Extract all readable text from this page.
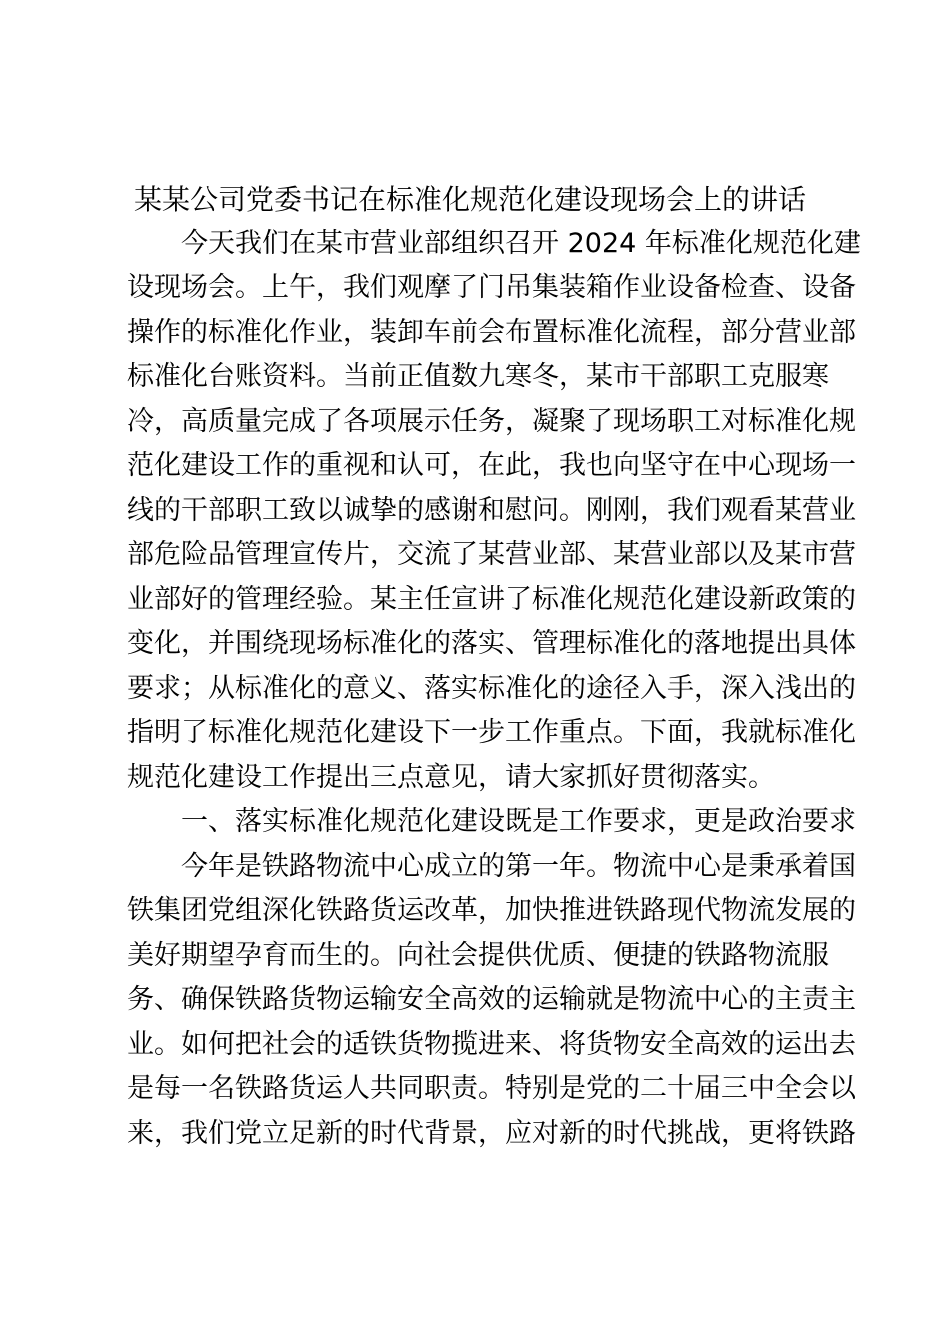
某某公司党委书记在标准化规范化建设现场会上的讲话
今天我们在某市营业部组织召开 2024 年标准化规范化建
设现场会。上午，我们观摩了门吊集装箱作业设备检查、设备
操作的标准化作业，装卸车前会布置标准化流程，部分营业部
标准化台账资料。当前正值数九寒冬，某市干部职工克服寒
冷，高质量完成了各项展示任务，凝聚了现场职工对标准化规
范化建设工作的重视和认可，在此，我也向坚守在中心现场一
线的干部职工致以诚挚的感谢和慰问。刚刚，我们观看某营业
部危险品管理宣传片，交流了某营业部、某营业部以及某市营
业部好的管理经验。某主任宣讲了标准化规范化建设新政策的
变化，并围绕现场标准化的落实、管理标准化的落地提出具体
要求；从标准化的意义、落实标准化的途径入手，深入浅出的
指明了标准化规范化建设下一步工作重点。下面，我就标准化
规范化建设工作提出三点意见，请大家抓好贯彻落实。
一、落实标准化规范化建设既是工作要求，更是政治要求
今年是铁路物流中心成立的第一年。物流中心是秉承着国
铁集团党组深化铁路货运改革，加快推进铁路现代物流发展的
美好期望孕育而生的。向社会提供优质、便捷的铁路物流服
务、确保铁路货物运输安全高效的运输就是物流中心的主责主
业。如何把社会的适铁货物揽进来、将货物安全高效的运出去
是每一名铁路货运人共同职责。特别是党的二十届三中全会以
来，我们党立足新的时代背景，应对新的时代挑战，更将铁路
